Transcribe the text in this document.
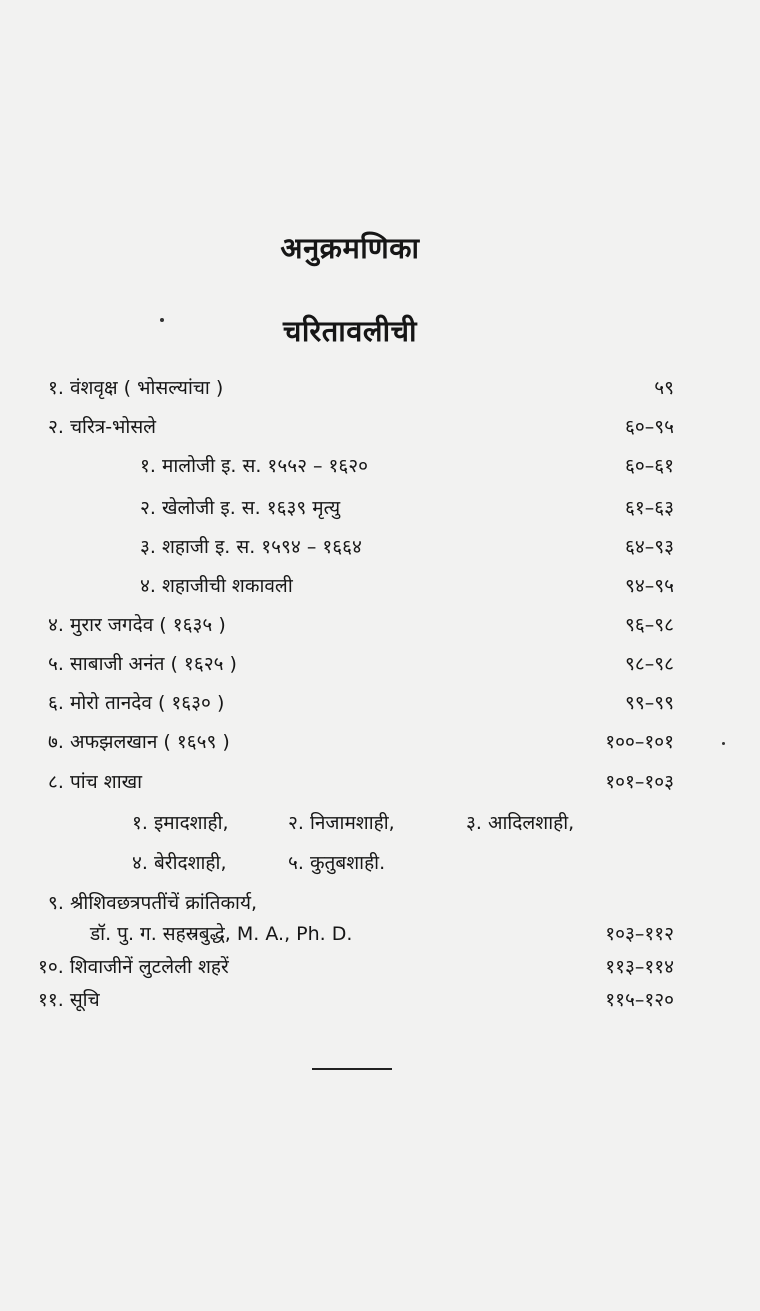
अनुक्रमणिका
चरितावलीची
१. वंशवृक्ष ( भोसल्यांचा )	५९
२. चरित्र-भोसले	६०–९५
१. मालोजी इ. स. १५५२ – १६२०	६०–६१
२. खेलोजी इ. स. १६३९ मृत्यु	६१–६३
३. शहाजी इ. स. १५९४ – १६६४	६४–९३
४. शहाजीची शकावली	९४–९५
४. मुरार जगदेव ( १६३५ )	९६–९८
५. साबाजी अनंत ( १६२५ )	९८–९८
६. मोरो तानदेव ( १६३० )	९९–९९
७. अफझलखान ( १६५९ )	१००–१०१
८. पांच शाखा	१०१–१०३
१. इमादशाही,	२. निजामशाही,	३. आदिलशाही,
४. बेरीदशाही,	५. कुतुबशाही.
९. श्रीशिवछत्रपतींचें क्रांतिकार्य,
डॉ. पु. ग. सहस्रबुद्धे, M. A., Ph. D.	१०३–११२
१०. शिवाजीनें लुटलेली शहरें	११३–११४
११. सूचि	११५–१२०
